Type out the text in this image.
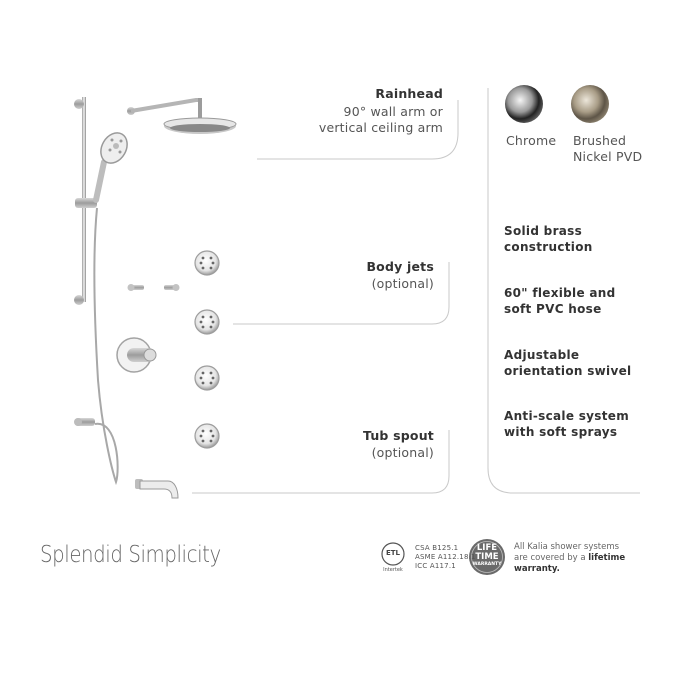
Rainhead
90° wall arm or
vertical ceiling arm
Body jets
(optional)
Tub spout
(optional)
Chrome Brushed
Nickel PVD
Solid brass
construction
60" flexible and
soft PVC hose
Adjustable
orientation swivel
Anti-scale system
with soft sprays
Splendid Simplicity	ETL
Intertek
CSA B125.1
ASME A112.18.1
ICC A117.1
LIFE
TIME
WARRANTY
All Kalia shower systems
are covered by a lifetime
warranty.
